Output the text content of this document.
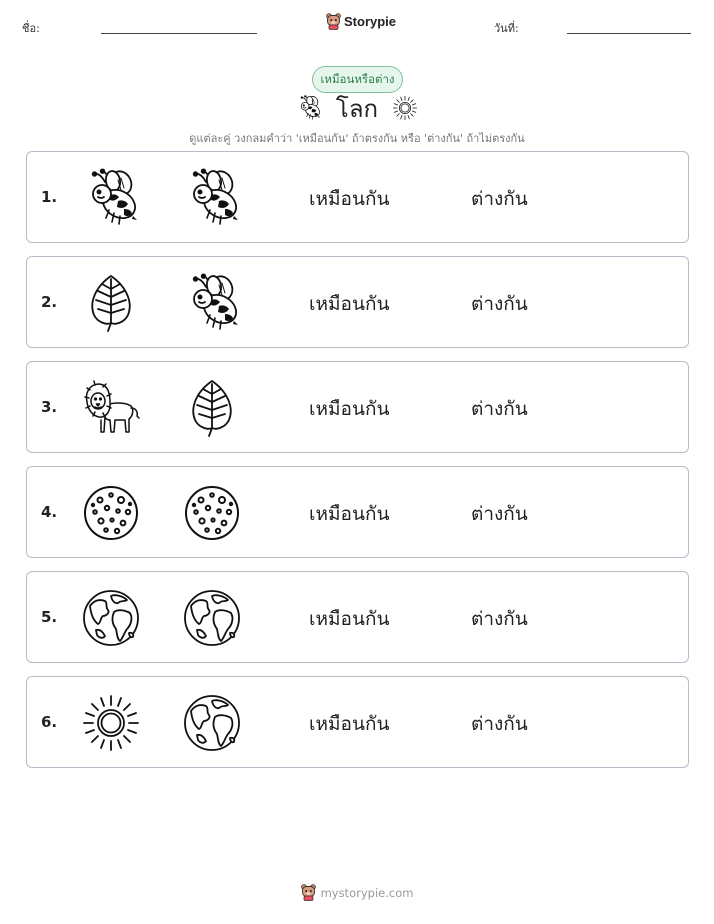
ชื่อ:	Storypie	วันที่:
เหมือนหรือต่าง
โลก
ดูแต่ละคู่ วงกลมคำว่า 'เหมือนกัน' ถ้าตรงกัน หรือ 'ต่างกัน' ถ้าไม่ตรงกัน
1.	เหมือนกัน	ต่างกัน
2.	เหมือนกัน	ต่างกัน
3.	เหมือนกัน	ต่างกัน
4.	เหมือนกัน	ต่างกัน
5.	เหมือนกัน	ต่างกัน
6.	เหมือนกัน	ต่างกัน
mystorypie.com
